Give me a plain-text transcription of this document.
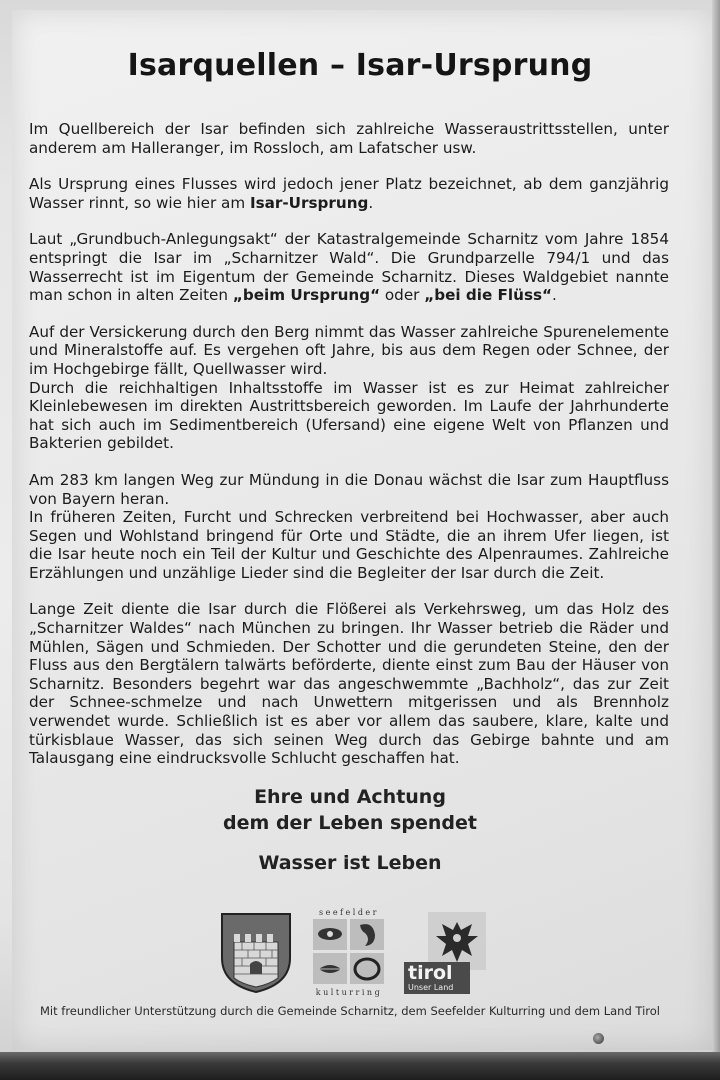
Isarquellen – Isar-Ursprung

Im Quellbereich der Isar befinden sich zahlreiche Wasseraustrittsstellen, unter anderem am Halleranger, im Rossloch, am Lafatscher usw.

Als Ursprung eines Flusses wird jedoch jener Platz bezeichnet, ab dem ganzjährig Wasser rinnt, so wie hier am Isar-Ursprung.

Laut „Grundbuch-Anlegungsakt“ der Katastralgemeinde Scharnitz vom Jahre 1854 entspringt die Isar im „Scharnitzer Wald“. Die Grundparzelle 794/1 und das Wasserrecht ist im Eigentum der Gemeinde Scharnitz. Dieses Waldgebiet nannte man schon in alten Zeiten „beim Ursprung“ oder „bei die Flüss“.

Auf der Versickerung durch den Berg nimmt das Wasser zahlreiche Spurenelemente und Mineralstoffe auf. Es vergehen oft Jahre, bis aus dem Regen oder Schnee, der im Hochgebirge fällt, Quellwasser wird.
Durch die reichhaltigen Inhaltsstoffe im Wasser ist es zur Heimat zahlreicher Kleinlebewesen im direkten Austrittsbereich geworden. Im Laufe der Jahrhunderte hat sich auch im Sedimentbereich (Ufersand) eine eigene Welt von Pflanzen und Bakterien gebildet.

Am 283 km langen Weg zur Mündung in die Donau wächst die Isar zum Hauptfluss von Bayern heran.
In früheren Zeiten, Furcht und Schrecken verbreitend bei Hochwasser, aber auch Segen und Wohlstand bringend für Orte und Städte, die an ihrem Ufer liegen, ist die Isar heute noch ein Teil der Kultur und Geschichte des Alpenraumes. Zahlreiche Erzählungen und unzählige Lieder sind die Begleiter der Isar durch die Zeit.

Lange Zeit diente die Isar durch die Flößerei als Verkehrsweg, um das Holz des „Scharnitzer Waldes“ nach München zu bringen. Ihr Wasser betrieb die Räder und Mühlen, Sägen und Schmieden. Der Schotter und die gerundeten Steine, den der Fluss aus den Bergtälern talwärts beförderte, diente einst zum Bau der Häuser von Scharnitz. Besonders begehrt war das angeschwemmte „Bachholz“, das zur Zeit der Schnee-schmelze und nach Unwettern mitgerissen und als Brennholz verwendet wurde. Schließlich ist es aber vor allem das saubere, klare, kalte und türkisblaue Wasser, das sich seinen Weg durch das Gebirge bahnte und am Talausgang eine eindrucksvolle Schlucht geschaffen hat.

Ehre und Achtung
dem der Leben spendet
Wasser ist Leben
seefelder
kulturring
tirol
Unser Land
Mit freundlicher Unterstützung durch die Gemeinde Scharnitz, dem Seefelder Kulturring und dem Land Tirol
